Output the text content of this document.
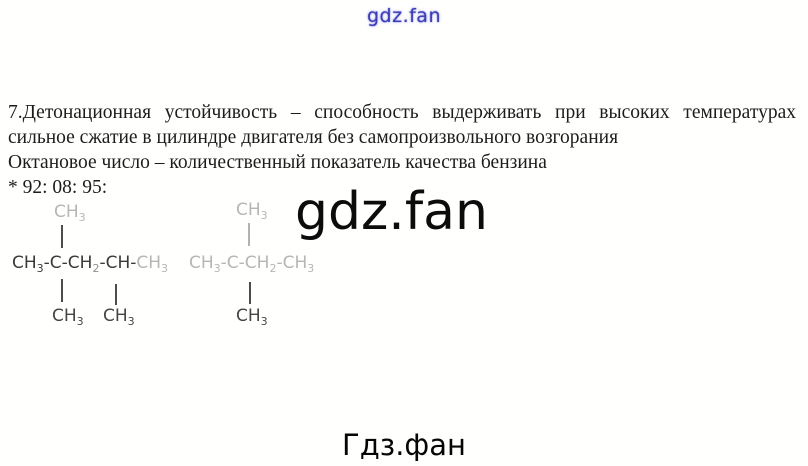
gdz.fan
7.Детонационная устойчивость – способность выдерживать при высоких температурах
сильное сжатие в цилиндре двигателя без самопроизвольного возгорания
Октановое число – количественный показатель качества бензина
* 92: 08: 95:
$CH_3$
$CH_3-C-CH_2-CH-CH_3$
$CH_3$ $CH_3$
$CH_3$
$CH_3-C-CH_2-CH_3$
$CH_3$
gdz.fan
Гдз.фан
